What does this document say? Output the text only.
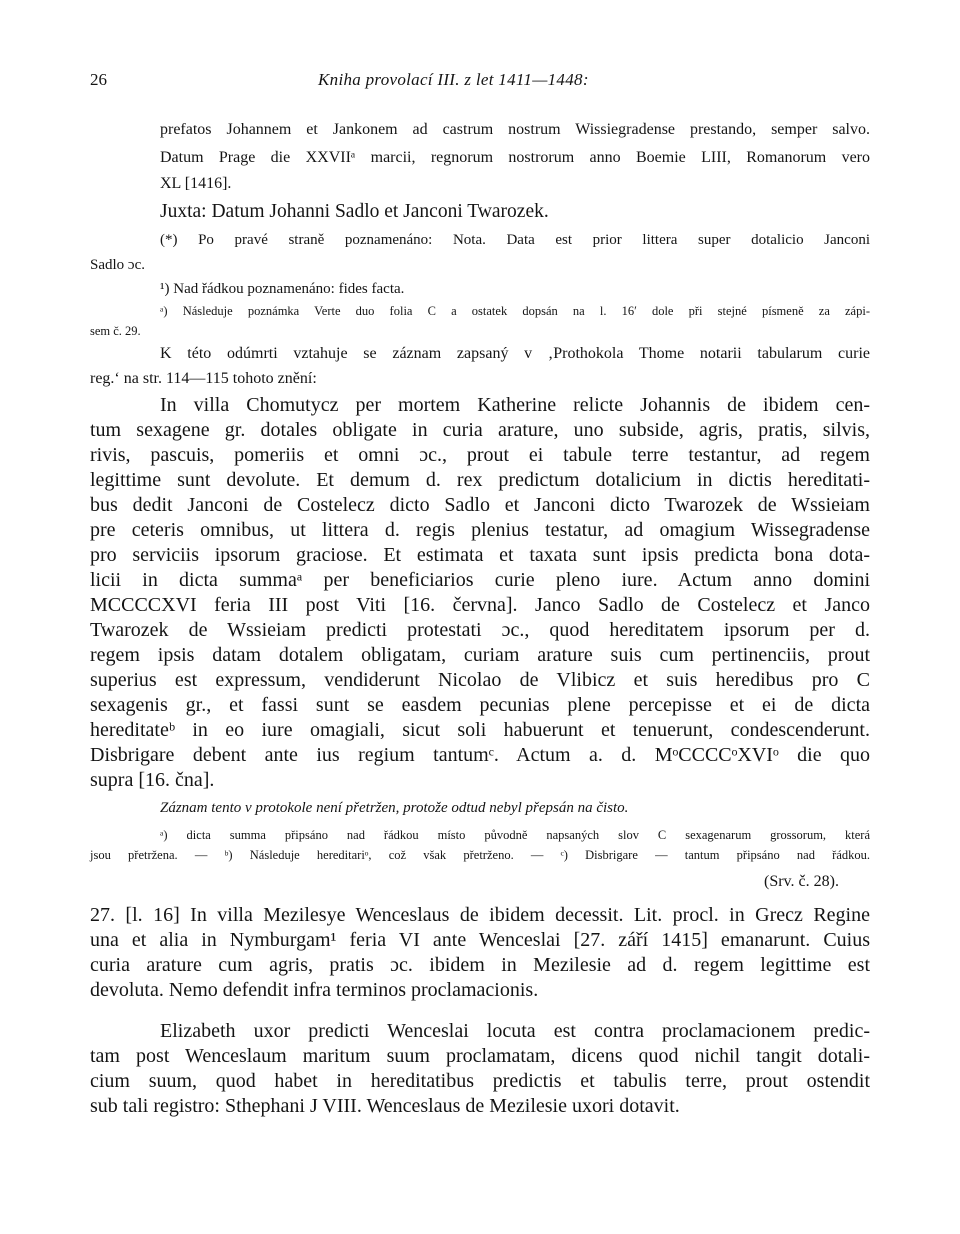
26	Kniha provolací III. z let 1411—1448:
prefatos Johannem et Jankonem ad castrum nostrum Wissiegradense prestando, semper salvo.
Datum Prage die XXVIIᵃ marcii, regnorum nostrorum anno Boemie LIII, Romanorum vero
XL [1416].
Juxta: Datum Johanni Sadlo et Janconi Twarozek.
(*) Po pravé straně poznamenáno: Nota. Data est prior littera super dotalicio Janconi
Sadlo ɔc.
¹) Nad řádkou poznamenáno: fides facta.
ᵃ) Následuje poznámka Verte duo folia C a ostatek dopsán na l. 16ʹ dole při stejné písmeně za zápi-
sem č. 29.
K této odúmrti vztahuje se záznam zapsaný v ‚Prothokola Thome notarii tabularum curie
reg.ʻ na str. 114—115 tohoto znění:
In villa Chomutycz per mortem Katherine relicte Johannis de ibidem cen-
tum sexagene gr. dotales obligate in curia arature, uno subside, agris, pratis, silvis,
rivis, pascuis, pomeriis et omni ɔc., prout ei tabule terre testantur, ad regem
legittime sunt devolute. Et demum d. rex predictum dotalicium in dictis hereditati-
bus dedit Janconi de Costelecz dicto Sadlo et Janconi dicto Twarozek de Wssieiam
pre ceteris omnibus, ut littera d. regis plenius testatur, ad omagium Wissegradense
pro serviciis ipsorum graciose. Et estimata et taxata sunt ipsis predicta bona dota-
licii in dicta summaᵃ per beneficiarios curie pleno iure. Actum anno domini
MCCCCXVI feria III post Viti [16. června]. Janco Sadlo de Costelecz et Janco
Twarozek de Wssieiam predicti protestati ɔc., quod hereditatem ipsorum per d.
regem ipsis datam dotalem obligatam, curiam arature suis cum pertinenciis, prout
superius est expressum, vendiderunt Nicolao de Vlibicz et suis heredibus pro C
sexagenis gr., et fassi sunt se easdem pecunias plene percepisse et ei de dicta
hereditateᵇ in eo iure omagiali, sicut soli habuerunt et tenuerunt, condescenderunt.
Disbrigare debent ante ius regium tantumᶜ. Actum a. d. MᵒCCCCᵒXVIᵒ die quo
supra [16. čna].
Záznam tento v protokole není přetržen, protože odtud nebyl přepsán na čisto.
ᵃ) dicta summa připsáno nad řádkou místo původně napsaných slov C sexagenarum grossorum, která
jsou přetržena. — ᵇ) Následuje hereditariᵒ, což však přetrženo. — ᶜ) Disbrigare — tantum připsáno nad řádkou.
(Srv. č. 28).
27. [l. 16] In villa Mezilesye Wenceslaus de ibidem decessit. Lit. procl. in Grecz Regine
una et alia in Nymburgam¹ feria VI ante Wenceslai [27. září 1415] emanarunt. Cuius
curia arature cum agris, pratis ɔc. ibidem in Mezilesie ad d. regem legittime est
devoluta. Nemo defendit infra terminos proclamacionis.
Elizabeth uxor predicti Wenceslai locuta est contra proclamacionem predic-
tam post Wenceslaum maritum suum proclamatam, dicens quod nichil tangit dotali-
cium suum, quod habet in hereditatibus predictis et tabulis terre, prout ostendit
sub tali registro: Sthephani J VIII. Wenceslaus de Mezilesie uxori dotavit.
